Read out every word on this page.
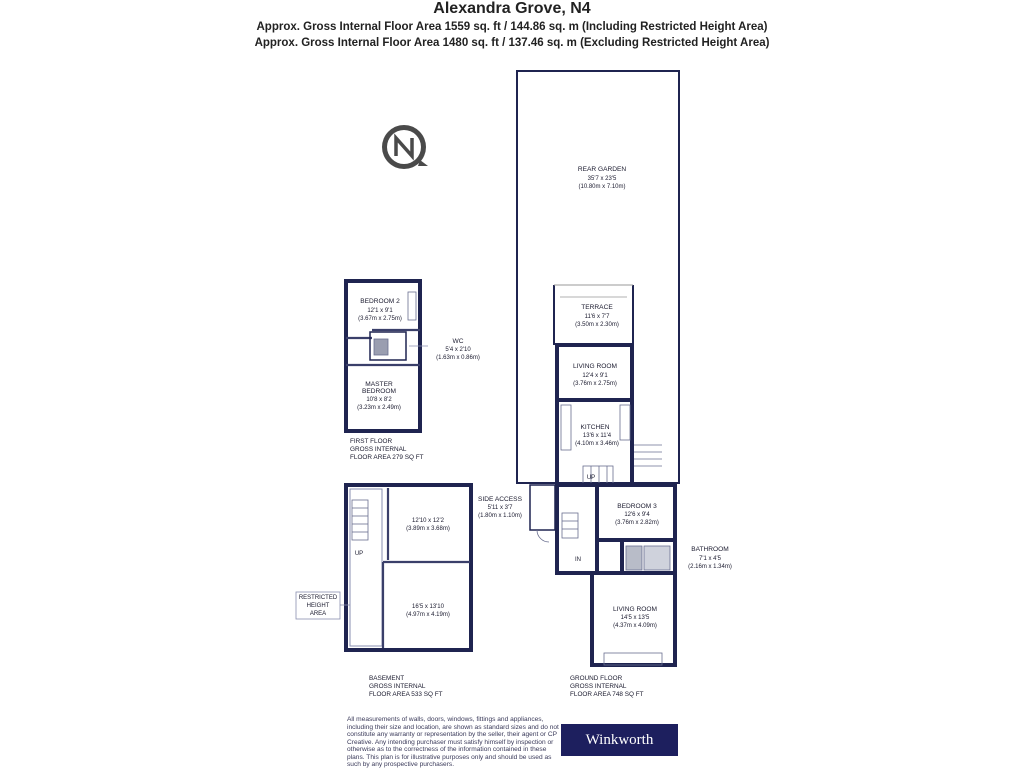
Alexandra Grove, N4
Approx. Gross Internal Floor Area 1559 sq. ft / 144.86 sq. m (Including Restricted Height Area)
Approx. Gross Internal Floor Area 1480 sq. ft / 137.46 sq. m (Excluding Restricted Height Area)
REAR GARDEN
35'7 x 23'5
(10.80m x 7.10m)
TERRACE
11'6 x 7'7
(3.50m x 2.30m)
LIVING ROOM
12'4 x 9'1
(3.76m x 2.75m)
KITCHEN
13'6 x 11'4
(4.10m x 3.46m)
UP
SIDE ACCESS
5'11 x 3'7
(1.80m x 1.10m)
BEDROOM 3
12'6 x 9'4
(3.76m x 2.82m)
BATHROOM
7'1 x 4'5
(2.16m x 1.34m)
IN
LIVING ROOM
14'5 x 13'5
(4.37m x 4.09m)
GROUND FLOOR
GROSS INTERNAL
FLOOR AREA 748 SQ FT
BEDROOM 2
12'1 x 9'1
(3.67m x 2.75m)
WC
5'4 x 2'10
(1.63m x 0.86m)
MASTER
BEDROOM
10'8 x 8'2
(3.23m x 2.49m)
FIRST FLOOR
GROSS INTERNAL
FLOOR AREA 279 SQ FT
12'10 x 12'2
(3.89m x 3.68m)
16'5 x 13'10
(4.97m x 4.19m)
UP
RESTRICTED
HEIGHT
AREA
BASEMENT
GROSS INTERNAL
FLOOR AREA 533 SQ FT
All measurements of walls, doors, windows, fittings and appliances, including their size and location, are shown as standard sizes and do not constitute any warranty or representation by the seller, their agent or CP Creative. Any intending purchaser must satisfy himself by inspection or otherwise as to the correctness of the information contained in these plans. This plan is for illustrative purposes only and should be used as such by any prospective purchasers.
Winkworth
